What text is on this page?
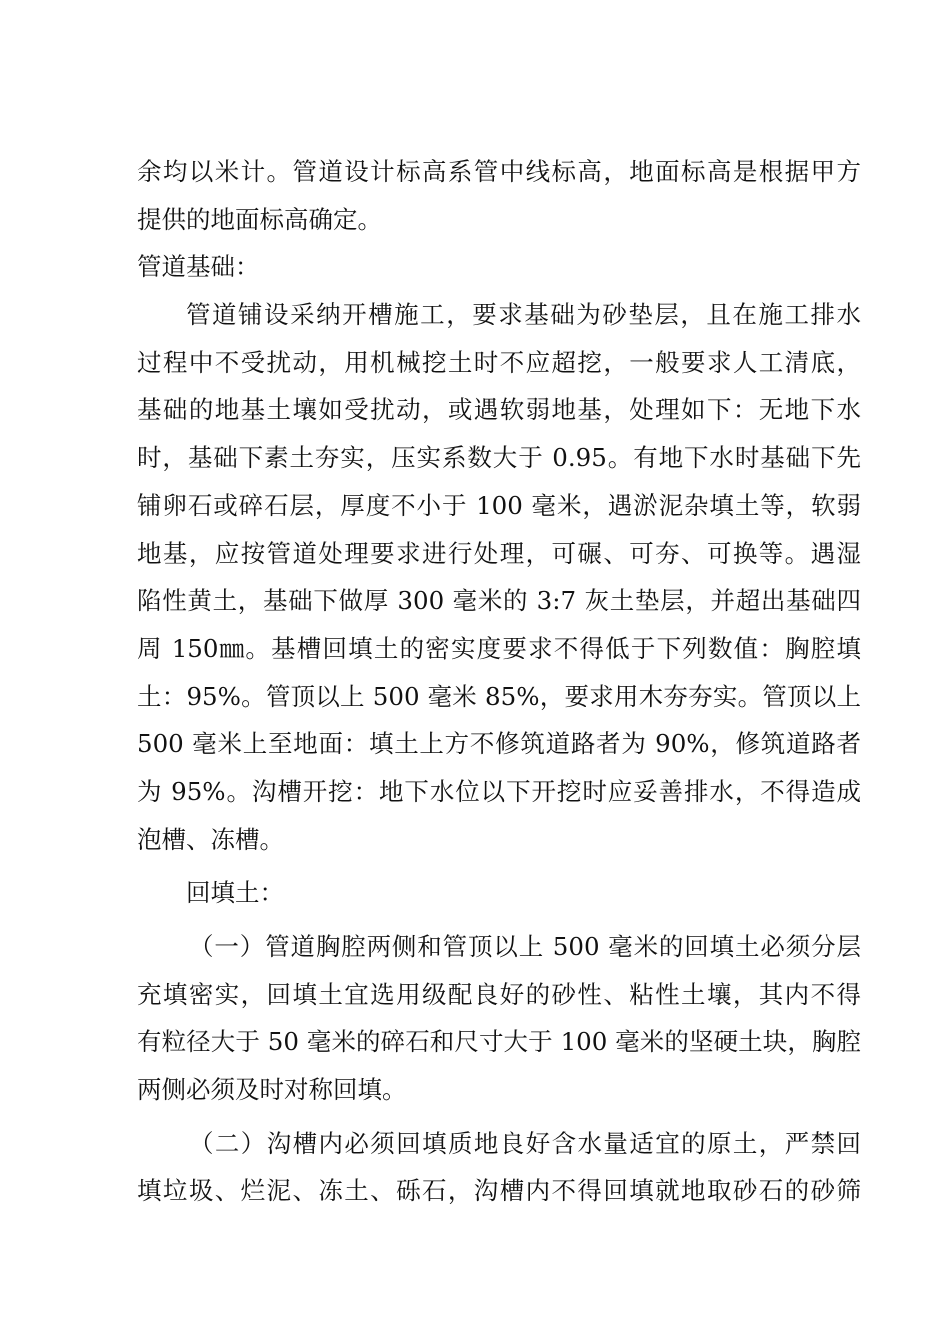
余均以米计。管道设计标高系管中线标高，地面标高是根据甲方
提供的地面标高确定。
管道基础：
管道铺设采纳开槽施工，要求基础为砂垫层，且在施工排水
过程中不受扰动，用机械挖土时不应超挖，一般要求人工清底，
基础的地基土壤如受扰动，或遇软弱地基，处理如下：无地下水
时，基础下素土夯实，压实系数大于 0.95。有地下水时基础下先
铺卵石或碎石层，厚度不小于 100 毫米，遇淤泥杂填土等，软弱
地基，应按管道处理要求进行处理，可碾、可夯、可换等。遇湿
陷性黄土，基础下做厚 300 毫米的 3:7 灰土垫层，并超出基础四
周 150㎜。基槽回填土的密实度要求不得低于下列数值：胸腔填
土：95%。管顶以上 500 毫米 85%，要求用木夯夯实。管顶以上
500 毫米上至地面：填土上方不修筑道路者为 90%，修筑道路者
为 95%。沟槽开挖：地下水位以下开挖时应妥善排水，不得造成
泡槽、冻槽。
回填土：
（一）管道胸腔两侧和管顶以上 500 毫米的回填土必须分层
充填密实，回填土宜选用级配良好的砂性、粘性土壤，其内不得
有粒径大于 50 毫米的碎石和尺寸大于 100 毫米的坚硬土块，胸腔
两侧必须及时对称回填。
（二）沟槽内必须回填质地良好含水量适宜的原土，严禁回
填垃圾、烂泥、冻土、砾石，沟槽内不得回填就地取砂石的砂筛
